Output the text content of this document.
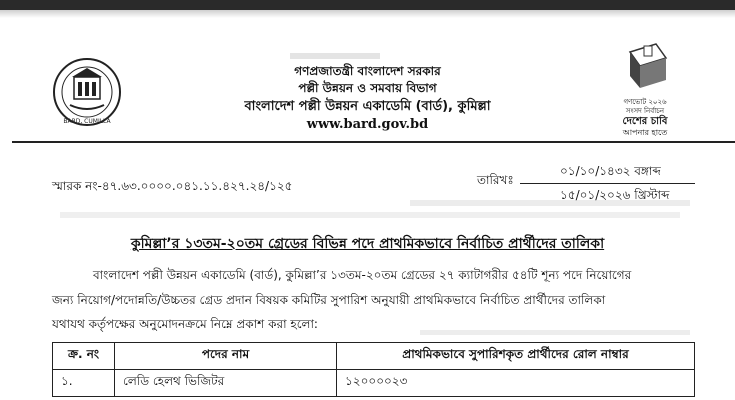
BARD, CUMILLA
গণভোট ২০২৬
সংসদ নির্বাচন
দেশের চাবি
আপনার হাতে
গণপ্রজাতন্ত্রী বাংলাদেশ সরকার
পল্লী উন্নয়ন ও সমবায় বিভাগ
বাংলাদেশ পল্লী উন্নয়ন একাডেমি (বার্ড), কুমিল্লা
www.bard.gov.bd
স্মারক নং-৪৭.৬৩.০০০০.০৪১.১১.৪২৭.২৪/১২৫	তারিখঃ
০১/১০/১৪৩২ বঙ্গাব্দ
১৫/০১/২০২৬ খ্রিস্টাব্দ
কুমিল্লা’র ১৩তম-২০তম গ্রেডের বিভিন্ন পদে প্রাথমিকভাবে নির্বাচিত প্রার্থীদের তালিকা
বাংলাদেশ পল্লী উন্নয়ন একাডেমি (বার্ড), কুমিল্লা’র ১৩তম-২০তম গ্রেডের ২৭ ক্যাটাগরীর ৫৪টি শূন্য পদে নিয়োগের
জন্য নিয়োগ/পদোন্নতি/উচ্চতর গ্রেড প্রদান বিষয়ক কমিটির সুপারিশ অনুযায়ী প্রাথমিকভাবে নির্বাচিত প্রার্থীদের তালিকা
যথাযথ কর্তৃপক্ষের অনুমোদনক্রমে নিম্নে প্রকাশ করা হলো:
ক্র. নং	পদের নাম	প্রাথমিকভাবে সুপারিশকৃত প্রার্থীদের রোল নাম্বার
১.	লেডি হেলথ ভিজিটর	১২০০০০২৩
